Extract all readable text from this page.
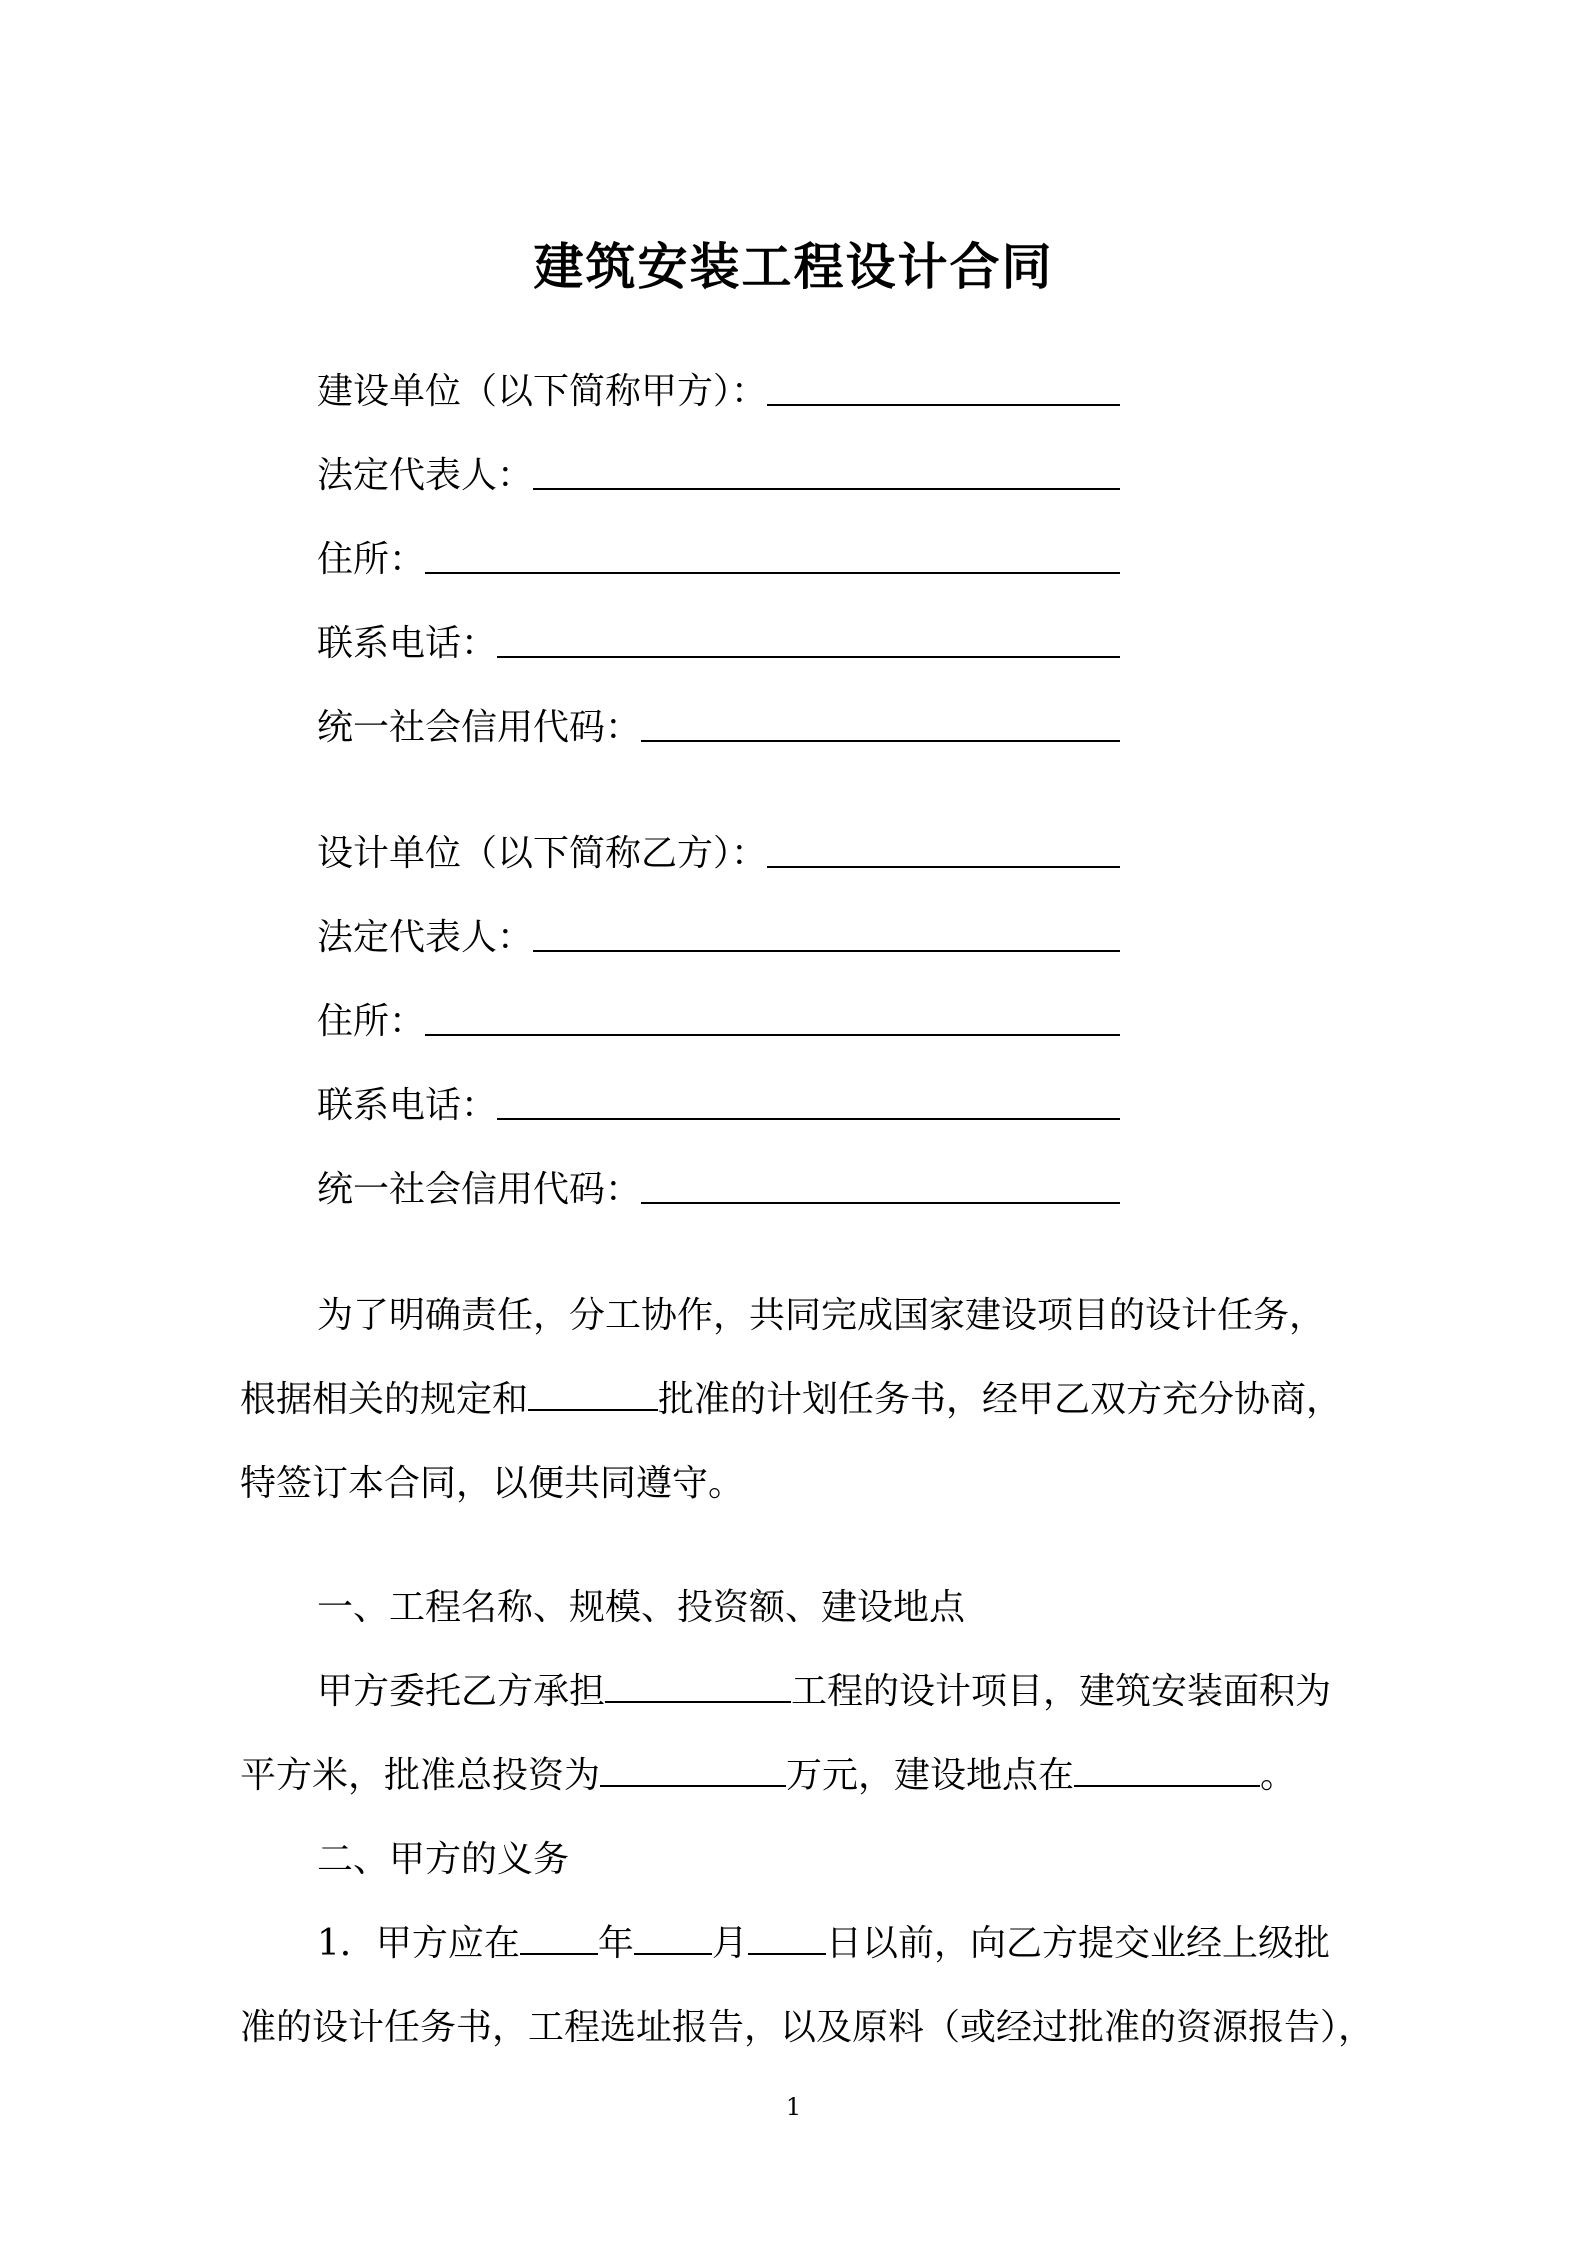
建筑安装工程设计合同
建设单位（以下简称甲方）：
法定代表人：
住所：
联系电话：
统一社会信用代码：
设计单位（以下简称乙方）：
法定代表人：
住所：
联系电话：
统一社会信用代码：
为了明确责任，分工协作，共同完成国家建设项目的设计任务，
根据相关的规定和	批准的计划任务书，经甲乙双方充分协商，
特签订本合同，以便共同遵守。
一、工程名称、规模、投资额、建设地点
甲方委托乙方承担	工程的设计项目，建筑安装面积为
平方米，批准总投资为	万元，建设地点在	。
二、甲方的义务
1．甲方应在 年 月 日以前，向乙方提交业经上级批
准的设计任务书，工程选址报告，以及原料（或经过批准的资源报告），
1
